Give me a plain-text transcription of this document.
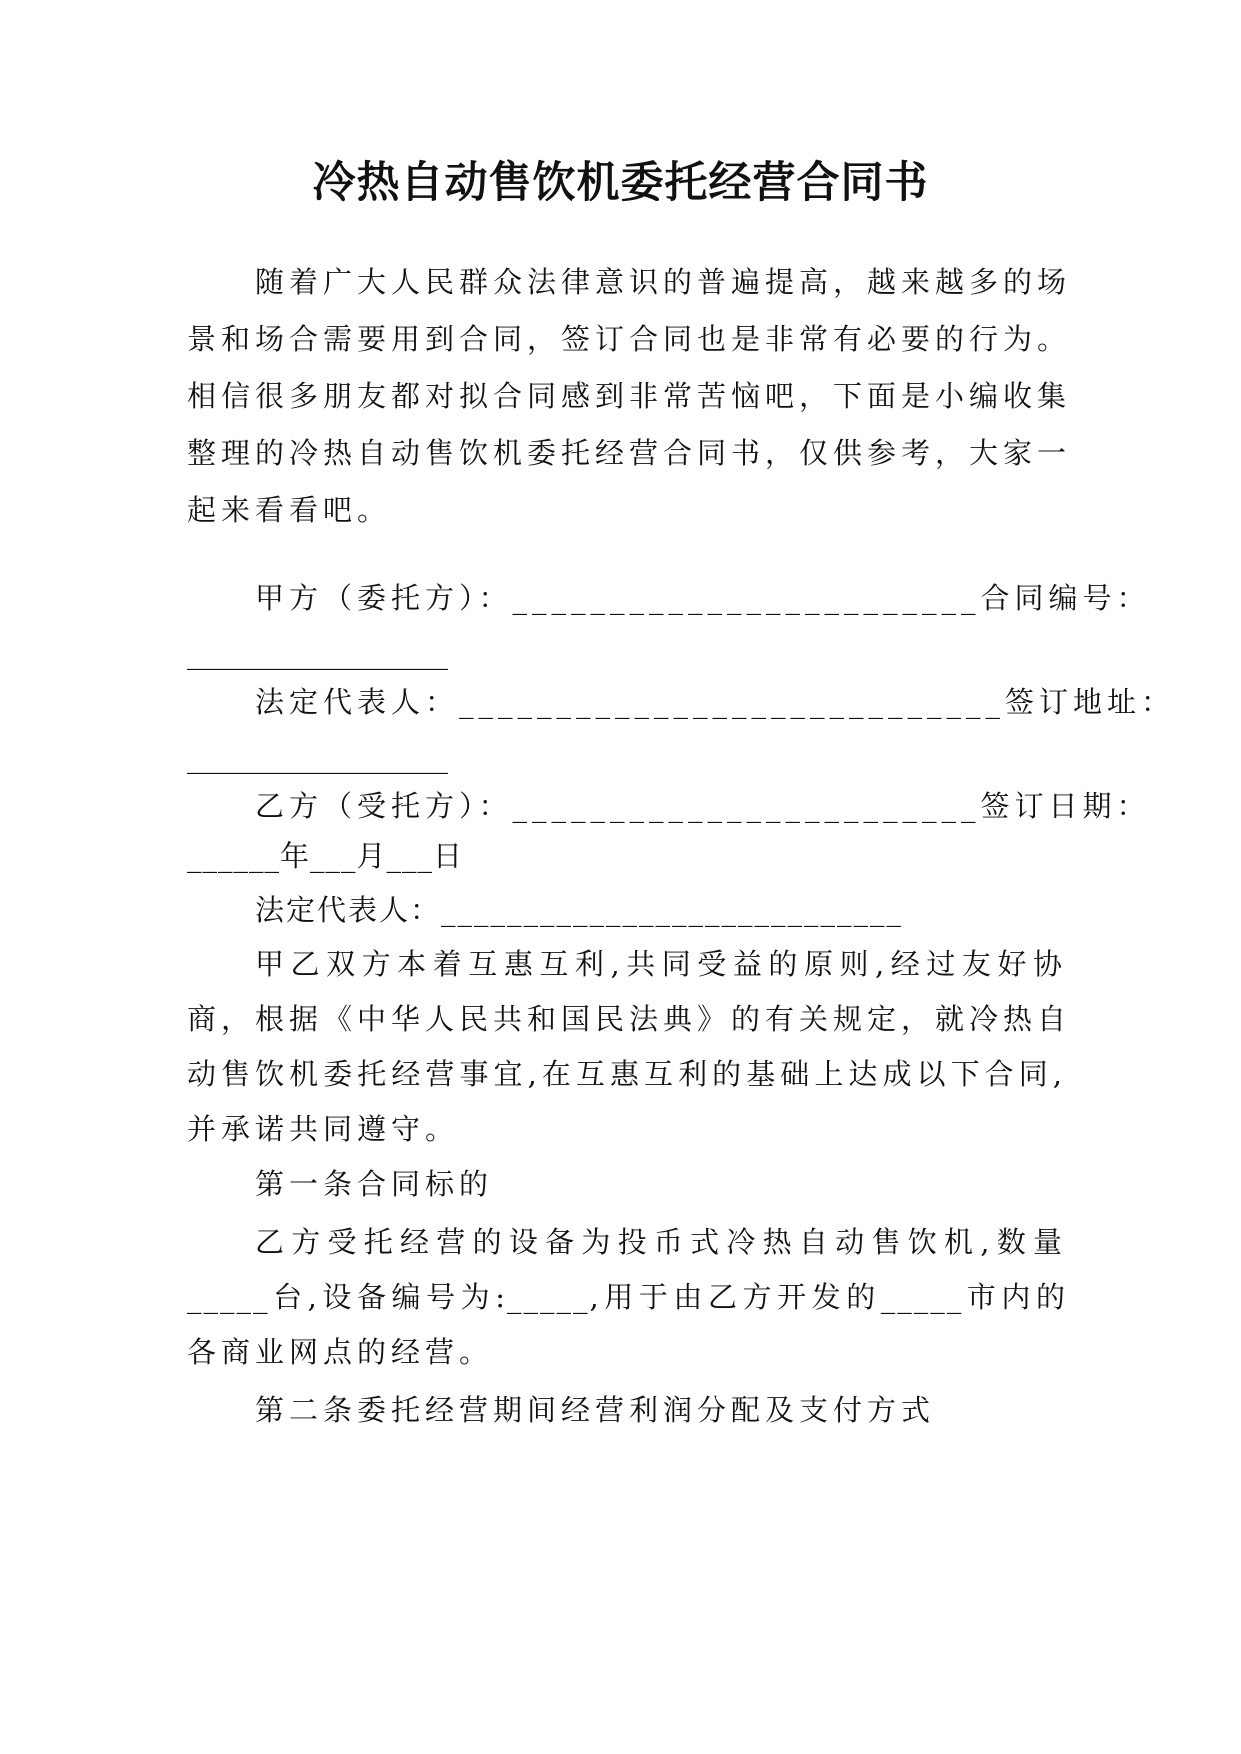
冷热自动售饮机委托经营合同书
随着广大人民群众法律意识的普遍提高，越来越多的场
景和场合需要用到合同，签订合同也是非常有必要的行为。
相信很多朋友都对拟合同感到非常苦恼吧，下面是小编收集
整理的冷热自动售饮机委托经营合同书，仅供参考，大家一
起来看看吧。
甲方（委托方）：________________________合同编号：
__________________
法定代表人：____________________________签订地址：
__________________
乙方（受托方）：________________________签订日期：
______年___月___日
法定代表人：____________________________
甲乙双方本着互惠互利,共同受益的原则,经过友好协
商，根据《中华人民共和国民法典》的有关规定，就冷热自
动售饮机委托经营事宜,在互惠互利的基础上达成以下合同,
并承诺共同遵守。
第一条合同标的
乙方受托经营的设备为投币式冷热自动售饮机,数量
_____台,设备编号为:_____,用于由乙方开发的_____市内的
各商业网点的经营。
第二条委托经营期间经营利润分配及支付方式
